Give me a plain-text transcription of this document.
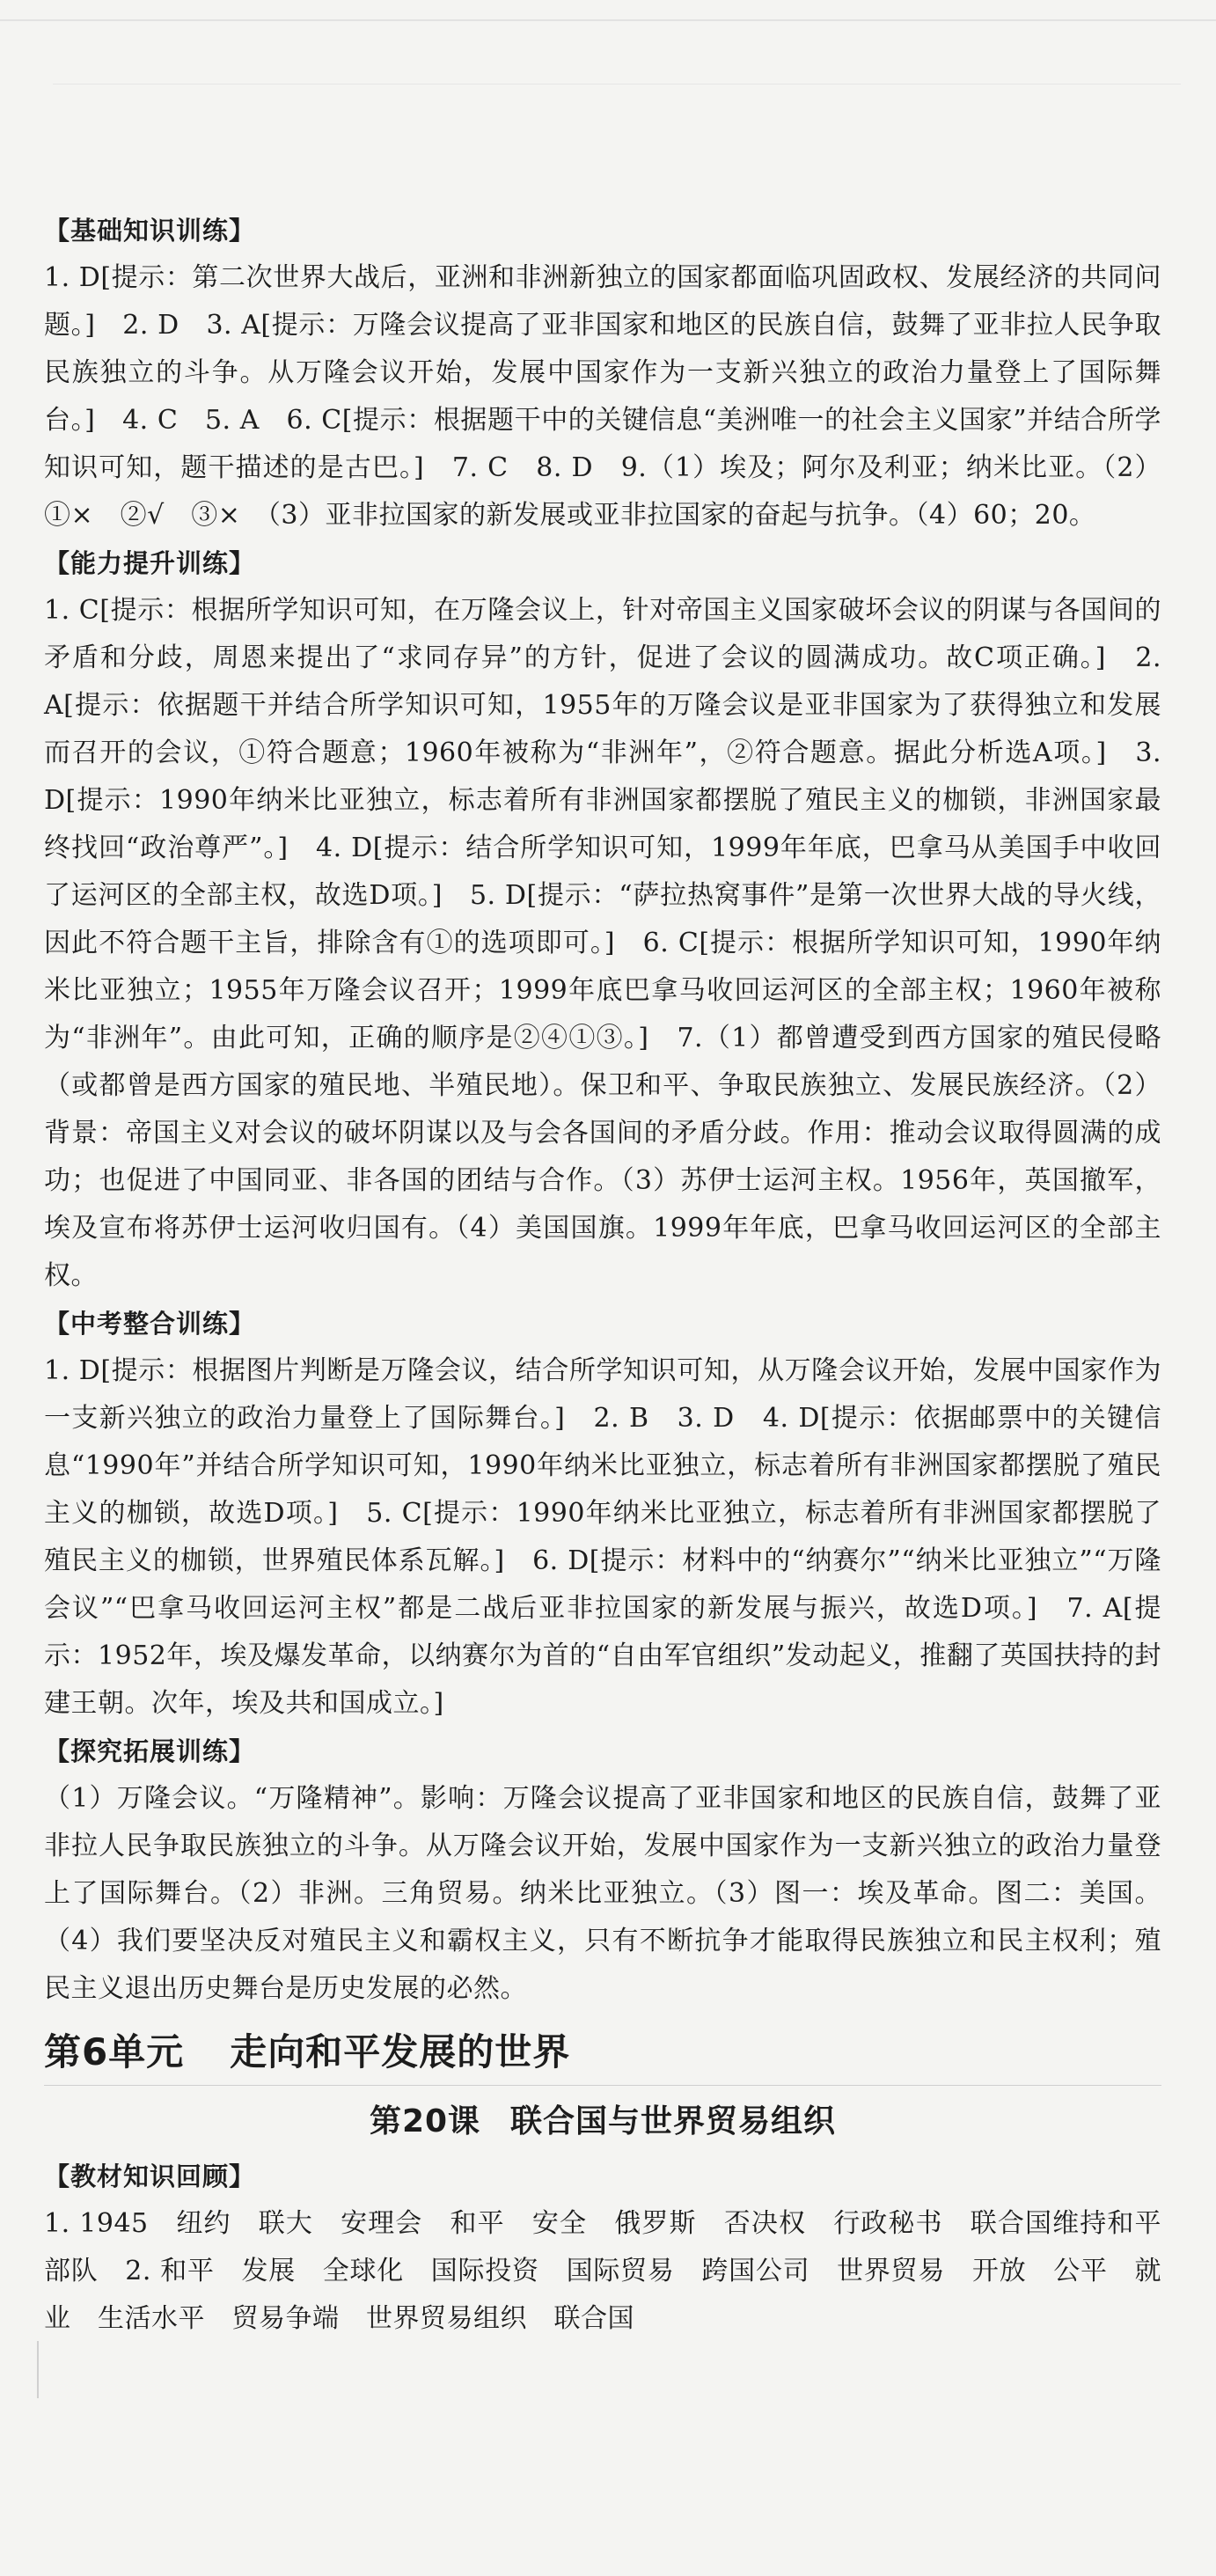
【基础知识训练】

1. D[提示：第二次世界大战后，亚洲和非洲新独立的国家都面临巩固政权、发展经济的共同问题。]　2. D　3. A[提示：万隆会议提高了亚非国家和地区的民族自信，鼓舞了亚非拉人民争取民族独立的斗争。从万隆会议开始，发展中国家作为一支新兴独立的政治力量登上了国际舞台。]　4. C　5. A　6. C[提示：根据题干中的关键信息“美洲唯一的社会主义国家”并结合所学知识可知，题干描述的是古巴。]　7. C　8. D　9.（1）埃及；阿尔及利亚；纳米比亚。（2）①×　②√　③×　（3）亚非拉国家的新发展或亚非拉国家的奋起与抗争。（4）60；20。

【能力提升训练】

1. C[提示：根据所学知识可知，在万隆会议上，针对帝国主义国家破坏会议的阴谋与各国间的矛盾和分歧，周恩来提出了“求同存异”的方针，促进了会议的圆满成功。故C项正确。]　2. A[提示：依据题干并结合所学知识可知，1955年的万隆会议是亚非国家为了获得独立和发展而召开的会议，①符合题意；1960年被称为“非洲年”，②符合题意。据此分析选A项。]　3. D[提示：1990年纳米比亚独立，标志着所有非洲国家都摆脱了殖民主义的枷锁，非洲国家最终找回“政治尊严”。]　4. D[提示：结合所学知识可知，1999年年底，巴拿马从美国手中收回了运河区的全部主权，故选D项。]　5. D[提示：“萨拉热窝事件”是第一次世界大战的导火线，因此不符合题干主旨，排除含有①的选项即可。]　6. C[提示：根据所学知识可知，1990年纳米比亚独立；1955年万隆会议召开；1999年底巴拿马收回运河区的全部主权；1960年被称为“非洲年”。由此可知，正确的顺序是②④①③。]　7.（1）都曾遭受到西方国家的殖民侵略（或都曾是西方国家的殖民地、半殖民地）。保卫和平、争取民族独立、发展民族经济。（2）背景：帝国主义对会议的破坏阴谋以及与会各国间的矛盾分歧。作用：推动会议取得圆满的成功；也促进了中国同亚、非各国的团结与合作。（3）苏伊士运河主权。1956年，英国撤军，埃及宣布将苏伊士运河收归国有。（4）美国国旗。1999年年底，巴拿马收回运河区的全部主权。

【中考整合训练】

1. D[提示：根据图片判断是万隆会议，结合所学知识可知，从万隆会议开始，发展中国家作为一支新兴独立的政治力量登上了国际舞台。]　2. B　3. D　4. D[提示：依据邮票中的关键信息“1990年”并结合所学知识可知，1990年纳米比亚独立，标志着所有非洲国家都摆脱了殖民主义的枷锁，故选D项。]　5. C[提示：1990年纳米比亚独立，标志着所有非洲国家都摆脱了殖民主义的枷锁，世界殖民体系瓦解。]　6. D[提示：材料中的“纳赛尔”“纳米比亚独立”“万隆会议”“巴拿马收回运河主权”都是二战后亚非拉国家的新发展与振兴，故选D项。]　7. A[提示：1952年，埃及爆发革命，以纳赛尔为首的“自由军官组织”发动起义，推翻了英国扶持的封建王朝。次年，埃及共和国成立。]

【探究拓展训练】

（1）万隆会议。“万隆精神”。影响：万隆会议提高了亚非国家和地区的民族自信，鼓舞了亚非拉人民争取民族独立的斗争。从万隆会议开始，发展中国家作为一支新兴独立的政治力量登上了国际舞台。（2）非洲。三角贸易。纳米比亚独立。（3）图一：埃及革命。图二：美国。（4）我们要坚决反对殖民主义和霸权主义，只有不断抗争才能取得民族独立和民主权利；殖民主义退出历史舞台是历史发展的必然。

第6单元 走向和平发展的世界
第20课 联合国与世界贸易组织
【教材知识回顾】

1. 1945　纽约　联大　安理会　和平　安全　俄罗斯　否决权　行政秘书　联合国维持和平部队　2. 和平　发展　全球化　国际投资　国际贸易　跨国公司　世界贸易　开放　公平　就业　生活水平　贸易争端　世界贸易组织　联合国
